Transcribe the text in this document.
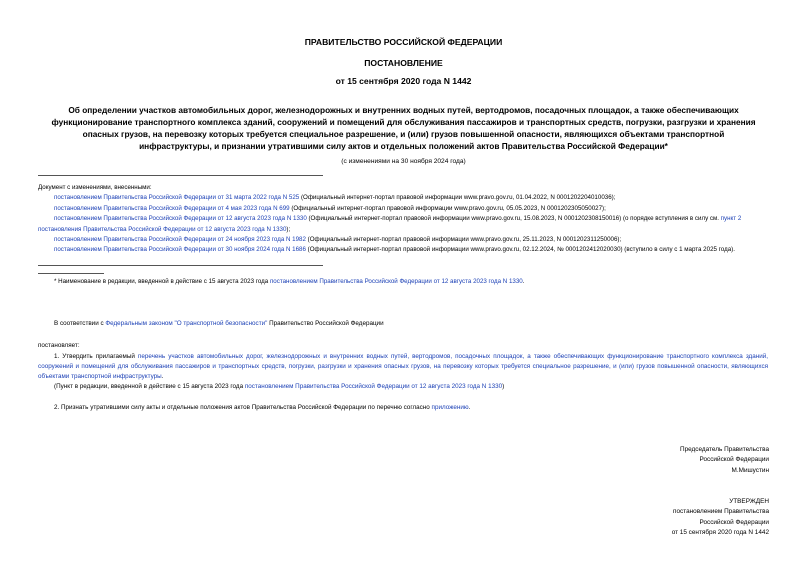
ПРАВИТЕЛЬСТВО РОССИЙСКОЙ ФЕДЕРАЦИИ
ПОСТАНОВЛЕНИЕ
от 15 сентября 2020 года N 1442
Об определении участков автомобильных дорог, железнодорожных и внутренних водных путей, вертодромов, посадочных площадок, а также обеспечивающих функционирование транспортного комплекса зданий, сооружений и помещений для обслуживания пассажиров и транспортных средств, погрузки, разгрузки и хранения опасных грузов, на перевозку которых требуется специальное разрешение, и (или) грузов повышенной опасности, являющихся объектами транспортной инфраструктуры, и признании утратившими силу актов и отдельных положений актов Правительства Российской Федерации*
(с изменениями на 30 ноября 2024 года)
Документ с изменениями, внесенными:
постановлением Правительства Российской Федерации от 31 марта 2022 года N 525 (Официальный интернет-портал правовой информации www.pravo.gov.ru, 01.04.2022, N 0001202204010036);
постановлением Правительства Российской Федерации от 4 мая 2023 года N 699 (Официальный интернет-портал правовой информации www.pravo.gov.ru, 05.05.2023, N 0001202305050027);
постановлением Правительства Российской Федерации от 12 августа 2023 года N 1330 (Официальный интернет-портал правовой информации www.pravo.gov.ru, 15.08.2023, N 0001202308150016) (о порядке вступления в силу см. пункт 2 постановления Правительства Российской Федерации от 12 августа 2023 года N 1330);
постановлением Правительства Российской Федерации от 24 ноября 2023 года N 1982 (Официальный интернет-портал правовой информации www.pravo.gov.ru, 25.11.2023, N 0001202311250006);
постановлением Правительства Российской Федерации от 30 ноября 2024 года N 1686 (Официальный интернет-портал правовой информации www.pravo.gov.ru, 02.12.2024, № 0001202412020030) (вступило в силу с 1 марта 2025 года).
* Наименование в редакции, введенной в действие с 15 августа 2023 года постановлением Правительства Российской Федерации от 12 августа 2023 года N 1330.
В соответствии с Федеральным законом "О транспортной безопасности" Правительство Российской Федерации
постановляет:
1. Утвердить прилагаемый перечень участков автомобильных дорог, железнодорожных и внутренних водных путей, вертодромов, посадочных площадок, а также обеспечивающих функционирование транспортного комплекса зданий, сооружений и помещений для обслуживания пассажиров и транспортных средств, погрузки, разгрузки и хранения опасных грузов, на перевозку которых требуется специальное разрешение, и (или) грузов повышенной опасности, являющихся объектами транспортной инфраструктуры.
(Пункт в редакции, введенной в действие с 15 августа 2023 года постановлением Правительства Российской Федерации от 12 августа 2023 года N 1330)
2. Признать утратившими силу акты и отдельные положения актов Правительства Российской Федерации по перечню согласно приложению.
Председатель Правительства
Российской Федерации
М.Мишустин
УТВЕРЖДЕН
постановлением Правительства
Российской Федерации
от 15 сентября 2020 года N 1442
